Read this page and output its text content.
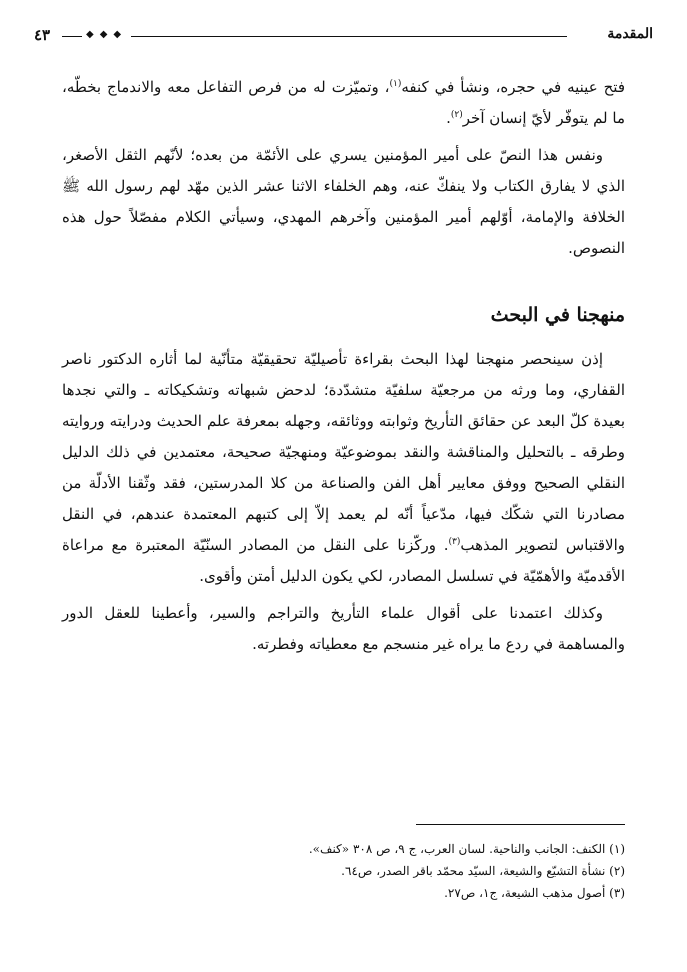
٤٣	◆◆◆	المقدمة

فتح عينيه في حجره، ونشأ في كنفه$^{(١)}$، وتميّزت له من فرص التفاعل معه والاندماج بخطّه، ما لم يتوفّر لأيّ إنسان آخر$^{(٢)}$.

ونفس هذا النصّ على أمير المؤمنين يسري على الأئمّة من بعده؛ لأنّهم الثقل الأصغر، الذي لا يفارق الكتاب ولا ينفكّ عنه، وهم الخلفاء الاثنا عشر الذين مهّد لهم رسول الله ﷺ الخلافة والإمامة، أوّلهم أمير المؤمنين وآخرهم المهدي، وسيأتي الكلام مفصّلاً حول هذه النصوص.

منهجنا في البحث

إذن سينحصر منهجنا لهذا البحث بقراءة تأصيليّة تحقيقيّة متأنّية لما أثاره الدكتور ناصر القفاري، وما ورثه من مرجعيّة سلفيّة متشدّدة؛ لدحض شبهاته وتشكيكاته ـ والتي نجدها بعيدة كلّ البعد عن حقائق التأريخ وثوابته ووثائقه، وجهله بمعرفة علم الحديث ودرايته وروايته وطرقه ـ بالتحليل والمناقشة والنقد بموضوعيّة ومنهجيّة صحيحة، معتمدين في ذلك الدليل النقلي الصحيح ووفق معايير أهل الفن والصناعة من كلا المدرستين، فقد وثّقنا الأدلّة من مصادرنا التي شكّك فيها، مدّعياً أنّه لم يعمد إلاّ إلى كتبهم المعتمدة عندهم، في النقل والاقتباس لتصوير المذهب$^{(٣)}$. وركّزنا على النقل من المصادر السنّيّة المعتبرة مع مراعاة الأقدميّة والأهمّيّة في تسلسل المصادر، لكي يكون الدليل أمتن وأقوى.

وكذلك اعتمدنا على أقوال علماء التأريخ والتراجم والسير، وأعطينا للعقل الدور والمساهمة في ردع ما يراه غير منسجم مع معطياته وفطرته.

(١) الكنف: الجانب والناحية. لسان العرب، ج ٩، ص ٣٠٨ «كنف».

(٢) نشأة التشيّع والشيعة، السيّد محمّد باقر الصدر، ص٦٤.

(٣) أصول مذهب الشيعة، ج١، ص٢٧.
